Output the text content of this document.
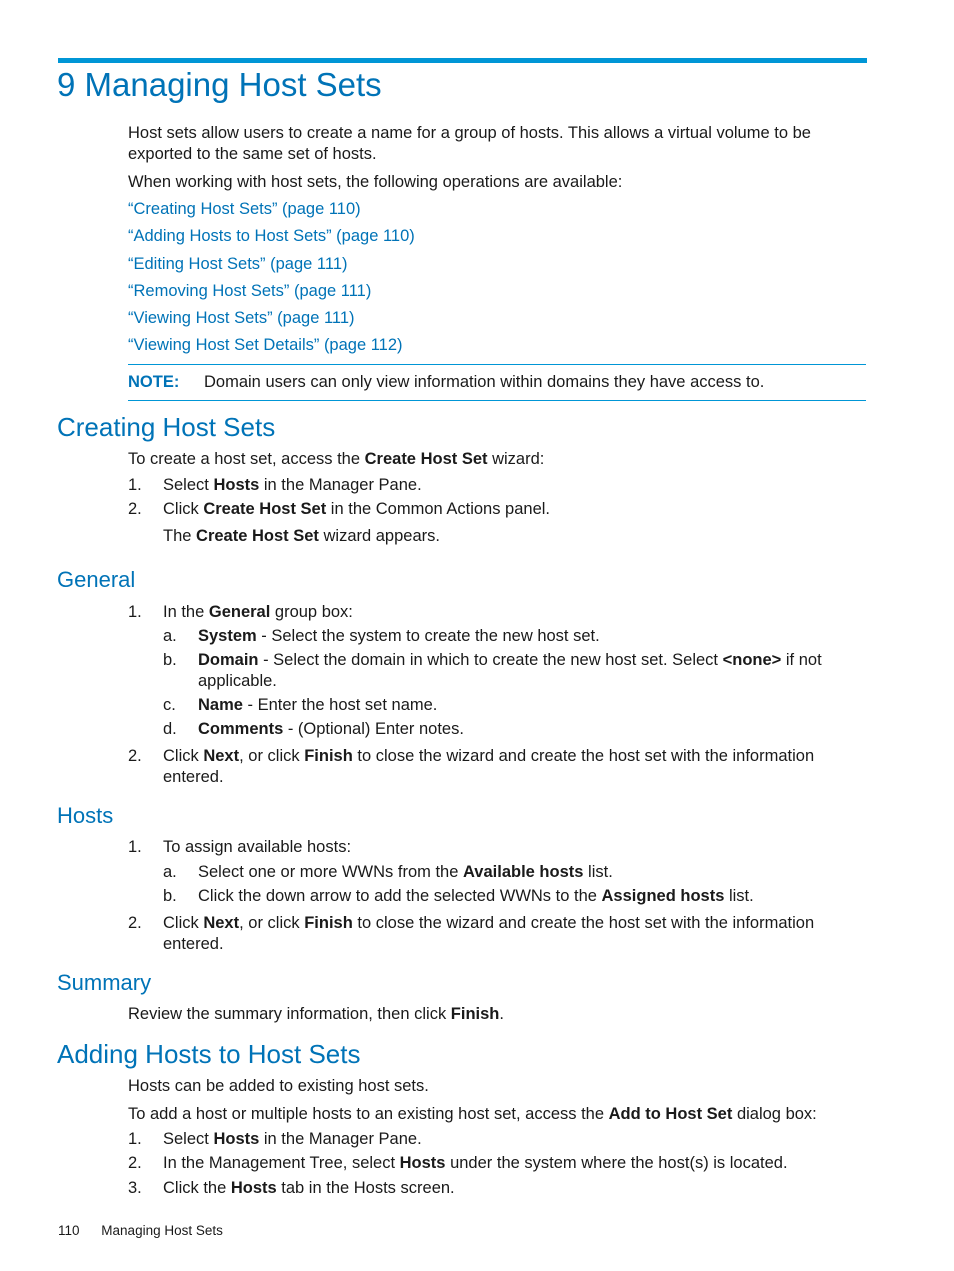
9 Managing Host Sets

Host sets allow users to create a name for a group of hosts. This allows a virtual volume to be

exported to the same set of hosts.

When working with host sets, the following operations are available:

“Creating Host Sets” (page 110)
“Adding Hosts to Host Sets” (page 110)
“Editing Host Sets” (page 111)
“Removing Host Sets” (page 111)
“Viewing Host Sets” (page 111)
“Viewing Host Set Details” (page 112)
NOTE: Domain users can only view information within domains they have access to.
Creating Host Sets

To create a host set, access the Create Host Set wizard:

1. Select Hosts in the Manager Pane.

2. Click Create Host Set in the Common Actions panel.

The Create Host Set wizard appears.

General
1. In the General group box:

a. System - Select the system to create the new host set.

b. Domain - Select the domain in which to create the new host set. Select <none> if not

applicable.

c. Name - Enter the host set name.

d. Comments - (Optional) Enter notes.

2. Click Next, or click Finish to close the wizard and create the host set with the information

entered.

Hosts
1. To assign available hosts:

a. Select one or more WWNs from the Available hosts list.

b. Click the down arrow to add the selected WWNs to the Assigned hosts list.

2. Click Next, or click Finish to close the wizard and create the host set with the information

entered.

Summary

Review the summary information, then click Finish.

Adding Hosts to Host Sets

Hosts can be added to existing host sets.

To add a host or multiple hosts to an existing host set, access the Add to Host Set dialog box:

1. Select Hosts in the Manager Pane.

2. In the Management Tree, select Hosts under the system where the host(s) is located.

3. Click the Hosts tab in the Hosts screen.

110 Managing Host Sets
